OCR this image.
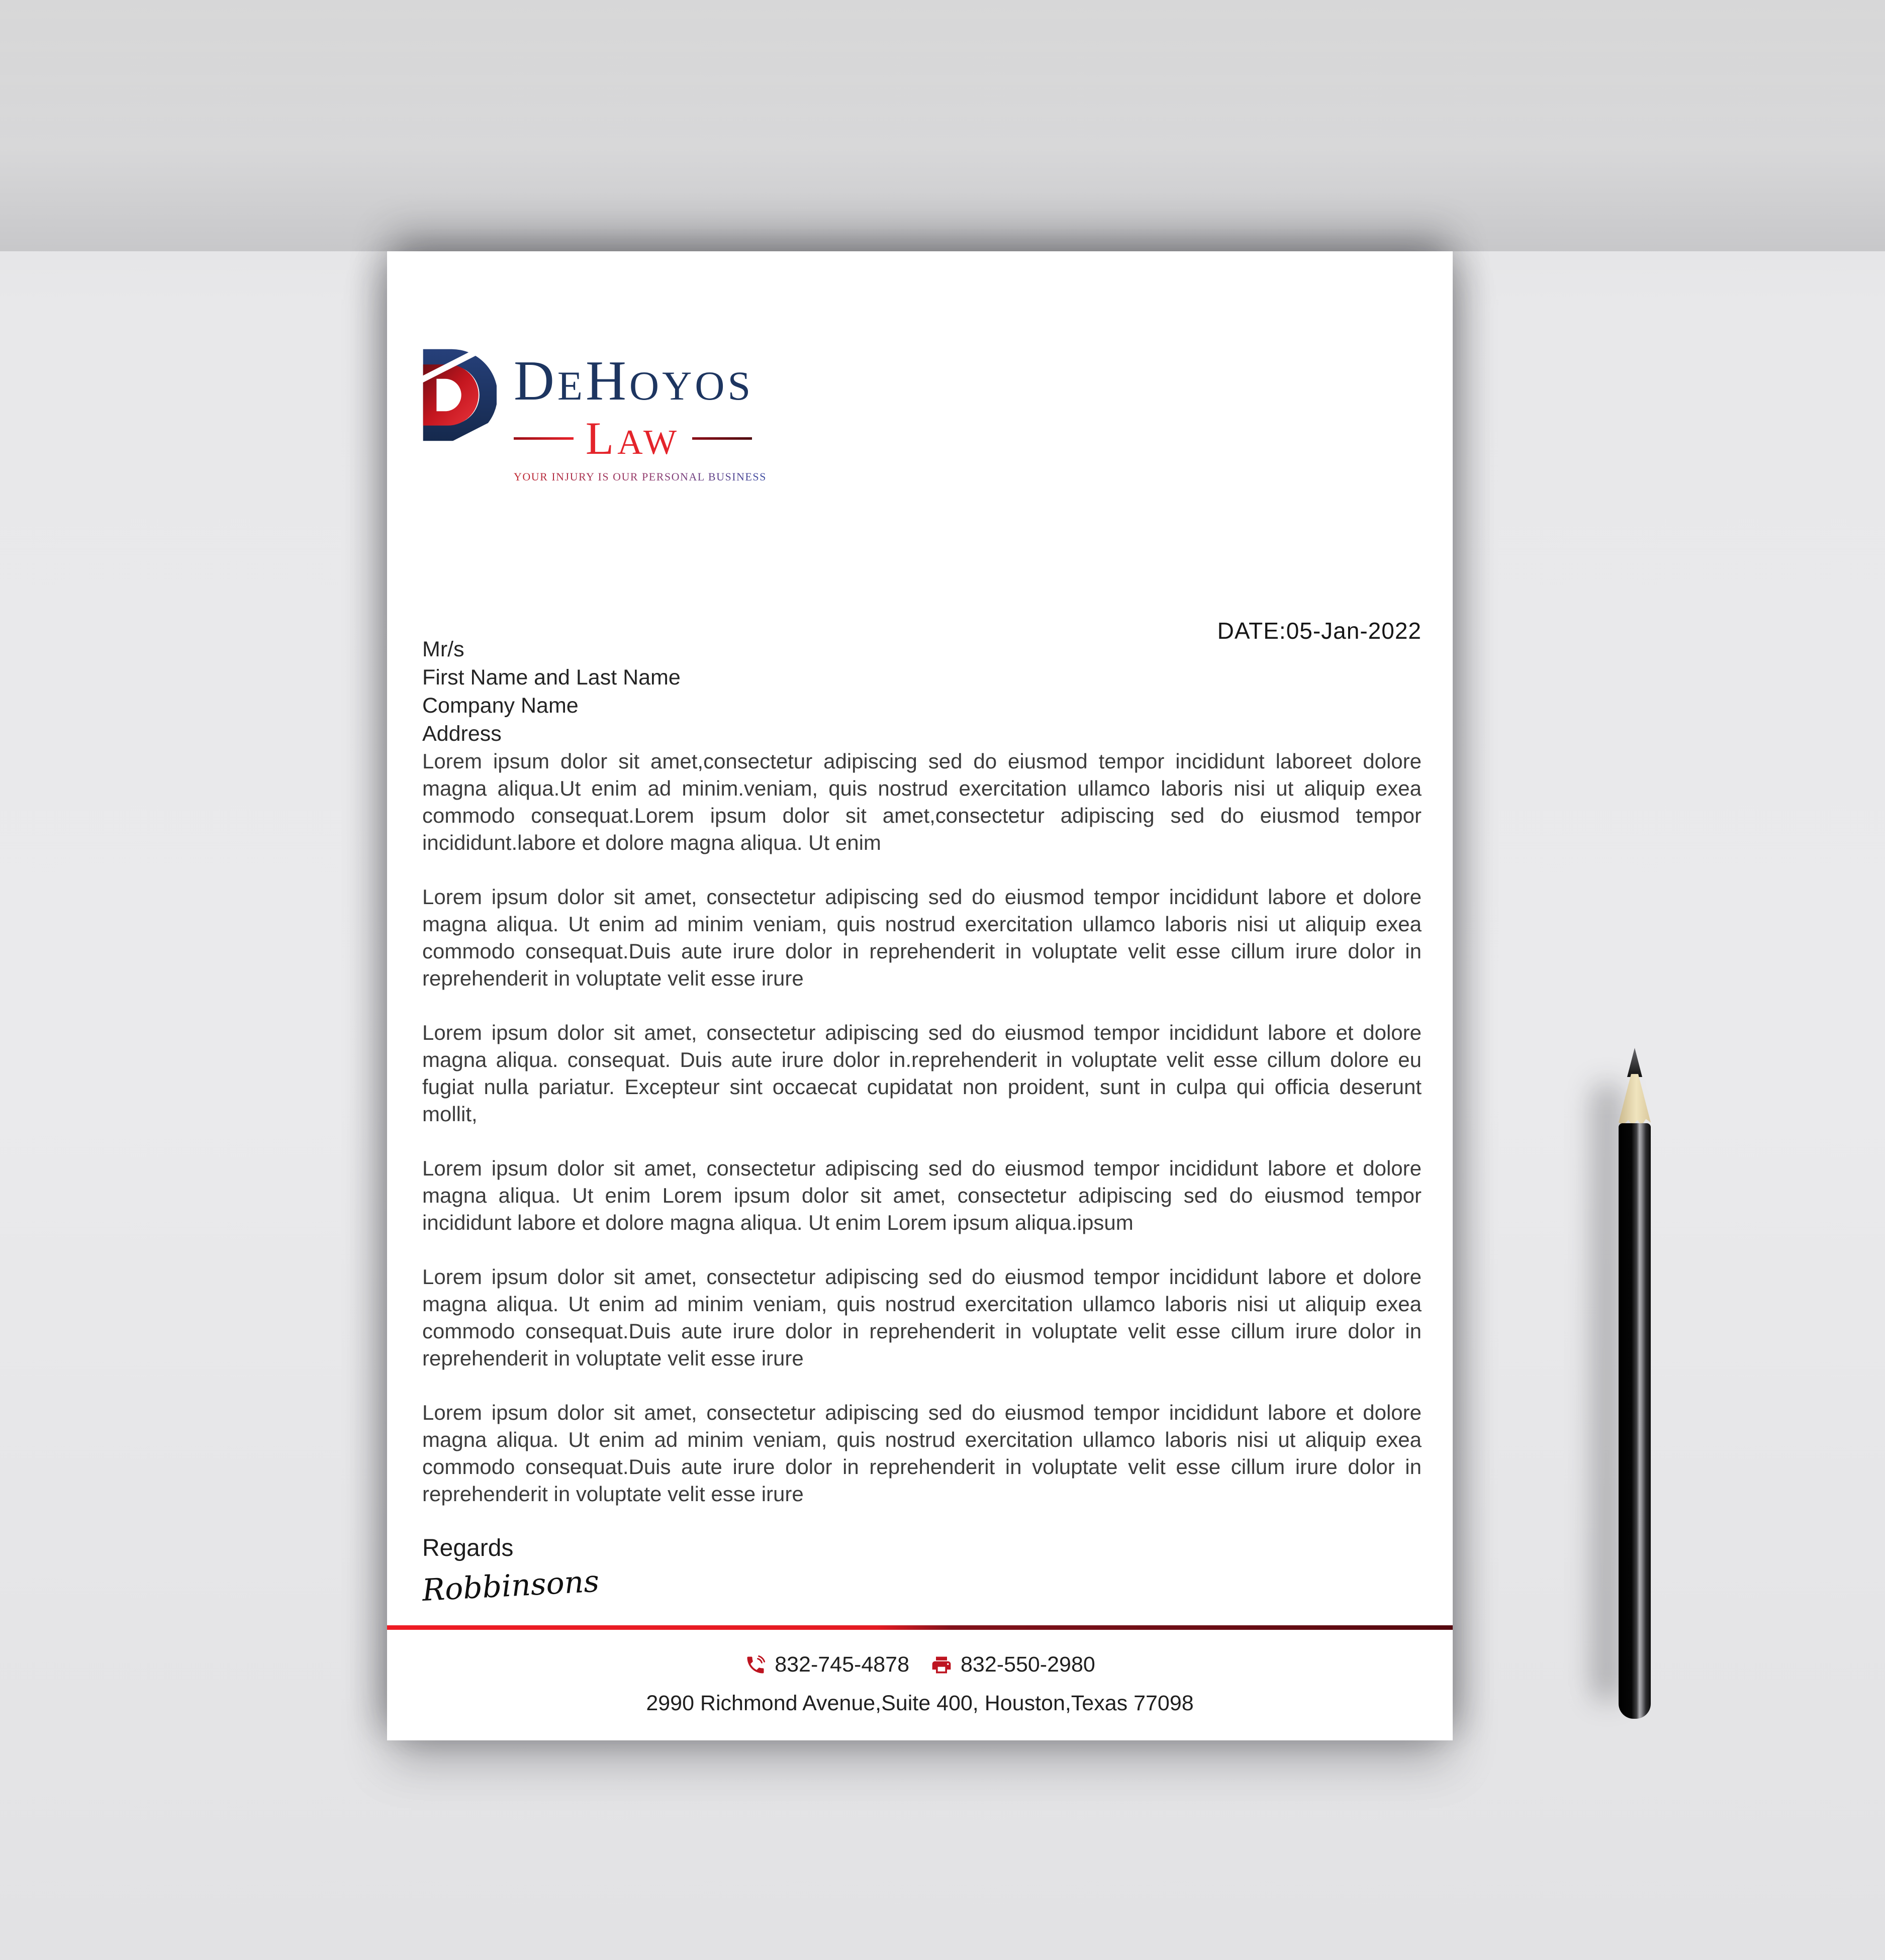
DEHOYOS
LAW
YOUR INJURY IS OUR PERSONAL BUSINESS
DATE:05-Jan-2022
Mr/s
First Name and Last Name
Company Name
Address

Lorem ipsum dolor sit amet,consectetur adipiscing sed do eiusmod tempor incididunt laboreet dolore magna aliqua.Ut enim ad minim.veniam, quis nostrud exercitation ullamco laboris nisi ut aliquip exea commodo consequat.Lorem ipsum dolor sit amet,consectetur adipiscing sed do eiusmod tempor incididunt.labore et dolore magna aliqua. Ut enim

Lorem ipsum dolor sit amet, consectetur adipiscing sed do eiusmod tempor incididunt labore et dolore magna aliqua. Ut enim ad minim veniam, quis nostrud exercitation ullamco laboris nisi ut aliquip exea commodo consequat.Duis aute irure dolor in reprehenderit in voluptate velit esse cillum irure dolor in reprehenderit in voluptate velit esse irure

Lorem ipsum dolor sit amet, consectetur adipiscing sed do eiusmod tempor incididunt labore et dolore magna aliqua. consequat. Duis aute irure dolor in.reprehenderit in voluptate velit esse cillum dolore eu fugiat nulla pariatur. Excepteur sint occaecat cupidatat non proident, sunt in culpa qui officia deserunt mollit,

Lorem ipsum dolor sit amet, consectetur adipiscing sed do eiusmod tempor incididunt labore et dolore magna aliqua. Ut enim Lorem ipsum dolor sit amet, consectetur adipiscing sed do eiusmod tempor incididunt labore et dolore magna aliqua. Ut enim Lorem ipsum aliqua.ipsum

Lorem ipsum dolor sit amet, consectetur adipiscing sed do eiusmod tempor incididunt labore et dolore magna aliqua. Ut enim ad minim veniam, quis nostrud exercitation ullamco laboris nisi ut aliquip exea commodo consequat.Duis aute irure dolor in reprehenderit in voluptate velit esse cillum irure dolor in reprehenderit in voluptate velit esse irure

Lorem ipsum dolor sit amet, consectetur adipiscing sed do eiusmod tempor incididunt labore et dolore magna aliqua. Ut enim ad minim veniam, quis nostrud exercitation ullamco laboris nisi ut aliquip exea commodo consequat.Duis aute irure dolor in reprehenderit in voluptate velit esse cillum irure dolor in reprehenderit in voluptate velit esse irure

Regards
Robbinsons
832-745-4878 832-550-2980
2990 Richmond Avenue,Suite 400, Houston,Texas 77098
